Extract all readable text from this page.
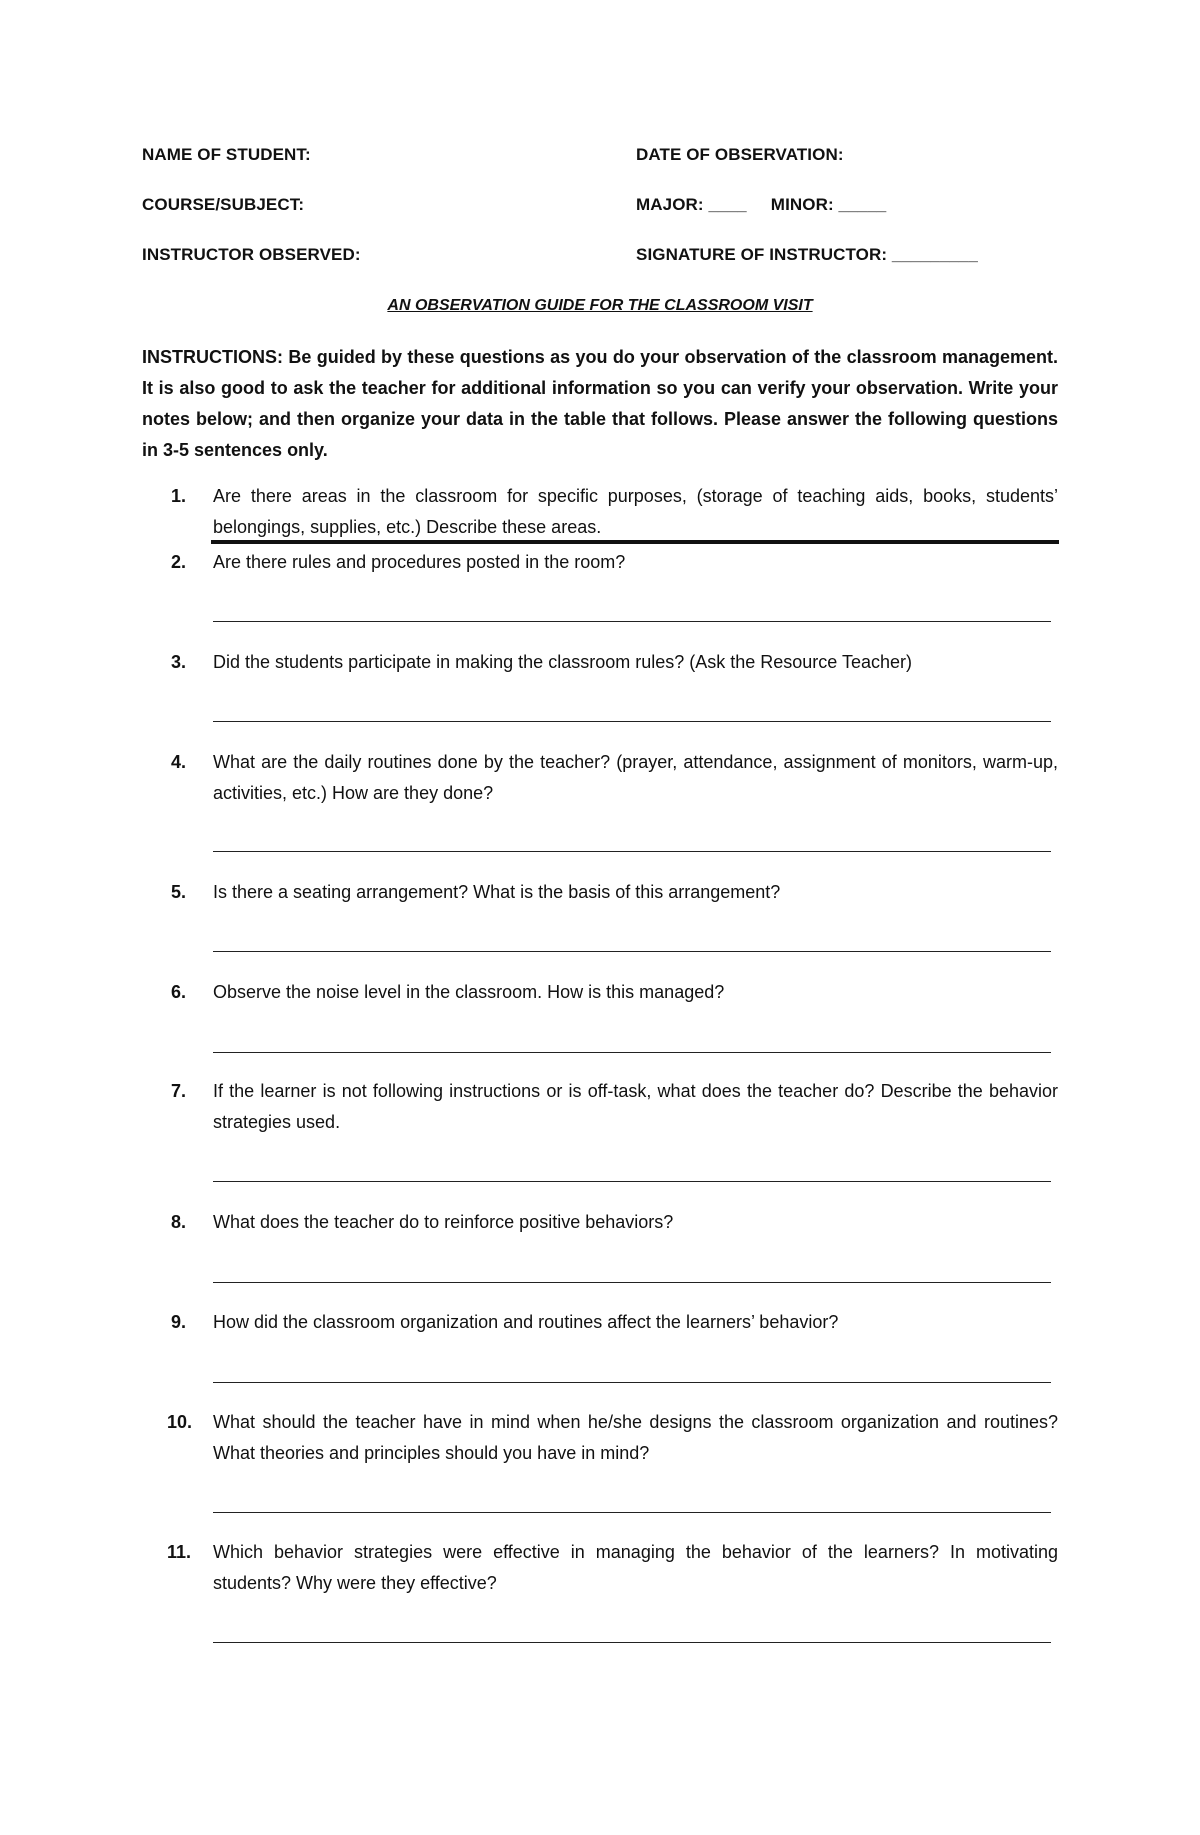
NAME OF STUDENT:	DATE OF OBSERVATION:
COURSE/SUBJECT:	MAJOR: ____     MINOR: _____
INSTRUCTOR OBSERVED:	SIGNATURE OF INSTRUCTOR: _________
AN OBSERVATION GUIDE FOR THE CLASSROOM VISIT
INSTRUCTIONS: Be guided by these questions as you do your observation of the classroom management. It is also good to ask the teacher for additional information so you can verify your observation. Write your notes below; and then organize your data in the table that follows. Please answer the following questions in 3-5 sentences only.
1.	Are there areas in the classroom for specific purposes, (storage of teaching aids, books, students’ belongings, supplies, etc.) Describe these areas.
2.	Are there rules and procedures posted in the room?
3.	Did the students participate in making the classroom rules? (Ask the Resource Teacher)
4.	What are the daily routines done by the teacher? (prayer, attendance, assignment of monitors, warm-up, activities, etc.) How are they done?
5.	Is there a seating arrangement? What is the basis of this arrangement?
6.	Observe the noise level in the classroom. How is this managed?
7.	If the learner is not following instructions or is off-task, what does the teacher do? Describe the behavior strategies used.
8.	What does the teacher do to reinforce positive behaviors?
9.	How did the classroom organization and routines affect the learners’ behavior?
10.	What should the teacher have in mind when he/she designs the classroom organization and routines? What theories and principles should you have in mind?
11.	Which behavior strategies were effective in managing the behavior of the learners? In motivating students? Why were they effective?
